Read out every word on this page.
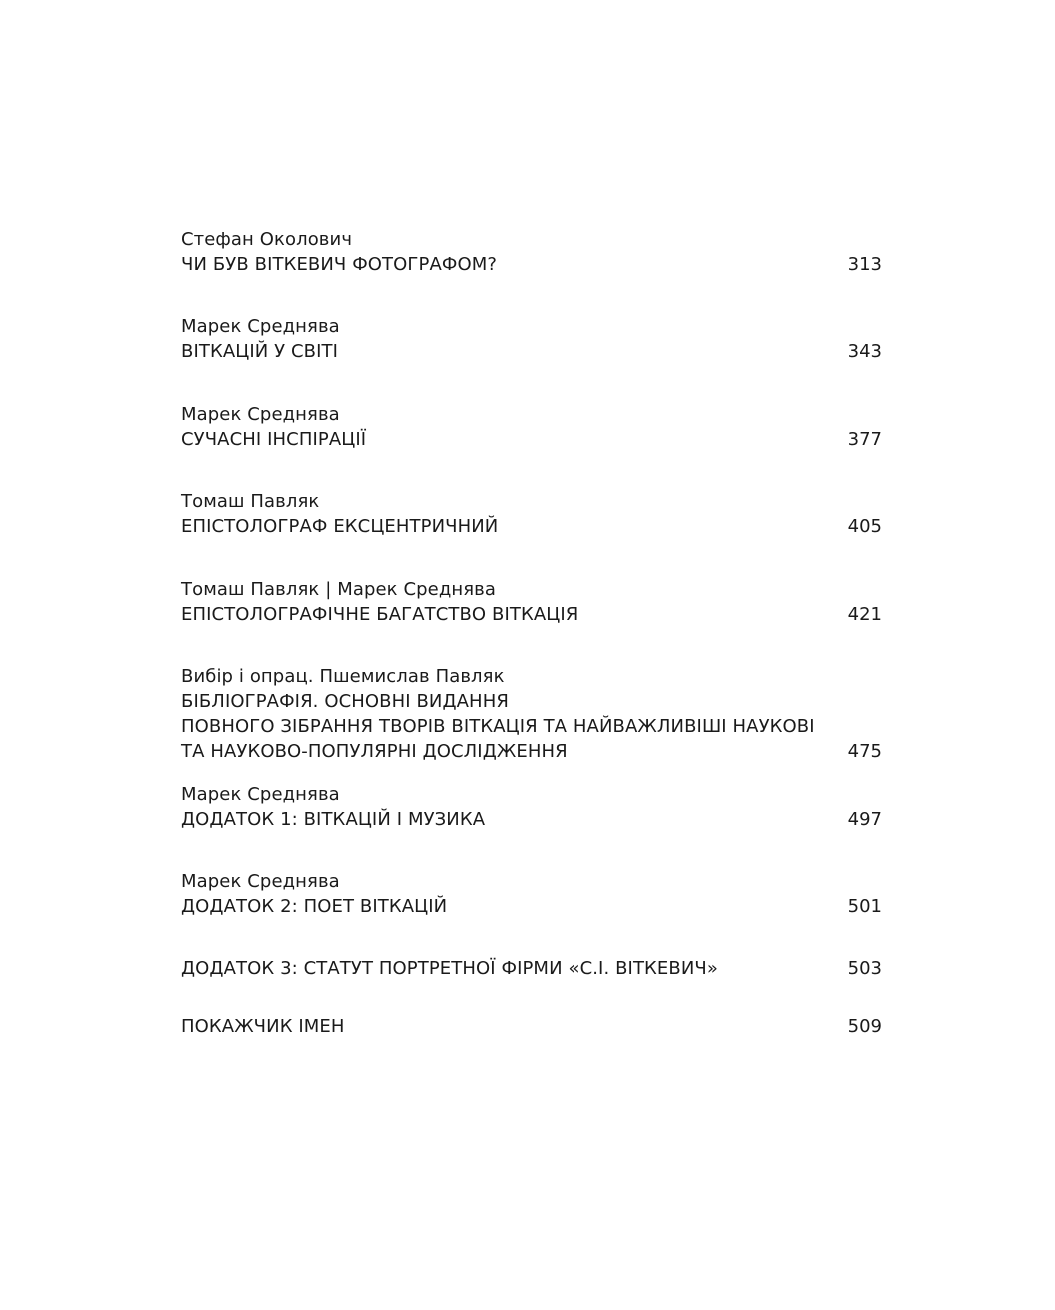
Стефан Околович
ЧИ БУВ ВІТКЕВИЧ ФОТОГРАФОМ?	313
Марек Среднява
ВІТКАЦІЙ У СВІТІ	343
Марек Среднява
СУЧАСНІ ІНСПІРАЦІЇ	377
Томаш Павляк
ЕПІСТОЛОГРАФ ЕКСЦЕНТРИЧНИЙ	405
Томаш Павляк | Марек Среднява
ЕПІСТОЛОГРАФІЧНЕ БАГАТСТВО ВІТКАЦІЯ	421
Вибір і опрац. Пшемислав Павляк
БІБЛІОГРАФІЯ. ОСНОВНІ ВИДАННЯ
ПОВНОГО ЗІБРАННЯ ТВОРІВ ВІТКАЦІЯ ТА НАЙВАЖЛИВІШІ НАУКОВІ
ТА НАУКОВО-ПОПУЛЯРНІ ДОСЛІДЖЕННЯ	475
Марек Среднява
ДОДАТОК 1: ВІТКАЦІЙ І МУЗИКА	497
Марек Среднява
ДОДАТОК 2: ПОЕТ ВІТКАЦІЙ	501
ДОДАТОК 3: СТАТУТ ПОРТРЕТНОЇ ФІРМИ «С.І. ВІТКЕВИЧ»	503
ПОКАЖЧИК ІМЕН	509
